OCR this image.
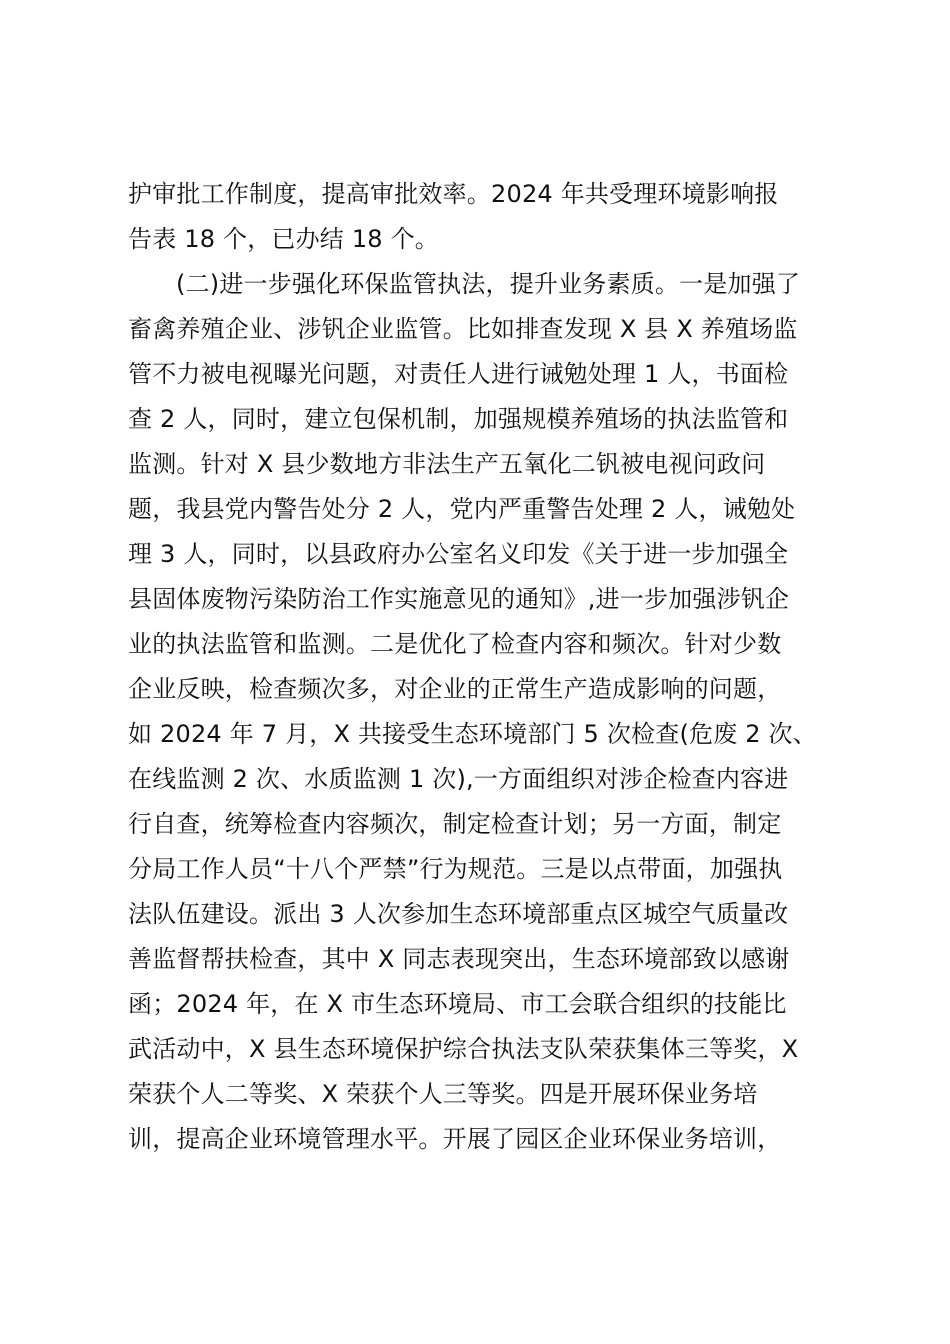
护审批工作制度，提高审批效率。2024 年共受理环境影响报
告表 18 个，已办结 18 个。
(二)进一步强化环保监管执法，提升业务素质。一是加强了
畜禽养殖企业、涉钒企业监管。比如排查发现 X 县 X 养殖场监
管不力被电视曝光问题，对责任人进行诫勉处理 1 人，书面检
查 2 人，同时，建立包保机制，加强规模养殖场的执法监管和
监测。针对 X 县少数地方非法生产五氧化二钒被电视问政问
题，我县党内警告处分 2 人，党内严重警告处理 2 人，诫勉处
理 3 人，同时，以县政府办公室名义印发《关于进一步加强全
县固体废物污染防治工作实施意见的通知》,进一步加强涉钒企
业的执法监管和监测。二是优化了检查内容和频次。针对少数
企业反映，检查频次多，对企业的正常生产造成影响的问题，
如 2024 年 7 月，X 共接受生态环境部门 5 次检查(危废 2 次、
在线监测 2 次、水质监测 1 次),一方面组织对涉企检查内容进
行自查，统筹检查内容频次，制定检查计划；另一方面，制定
分局工作人员“十八个严禁”行为规范。三是以点带面，加强执
法队伍建设。派出 3 人次参加生态环境部重点区城空气质量改
善监督帮扶检查，其中 X 同志表现突出，生态环境部致以感谢
函；2024 年，在 X 市生态环境局、市工会联合组织的技能比
武活动中，X 县生态环境保护综合执法支队荣获集体三等奖，X
荣获个人二等奖、X 荣获个人三等奖。四是开展环保业务培
训，提高企业环境管理水平。开展了园区企业环保业务培训，
